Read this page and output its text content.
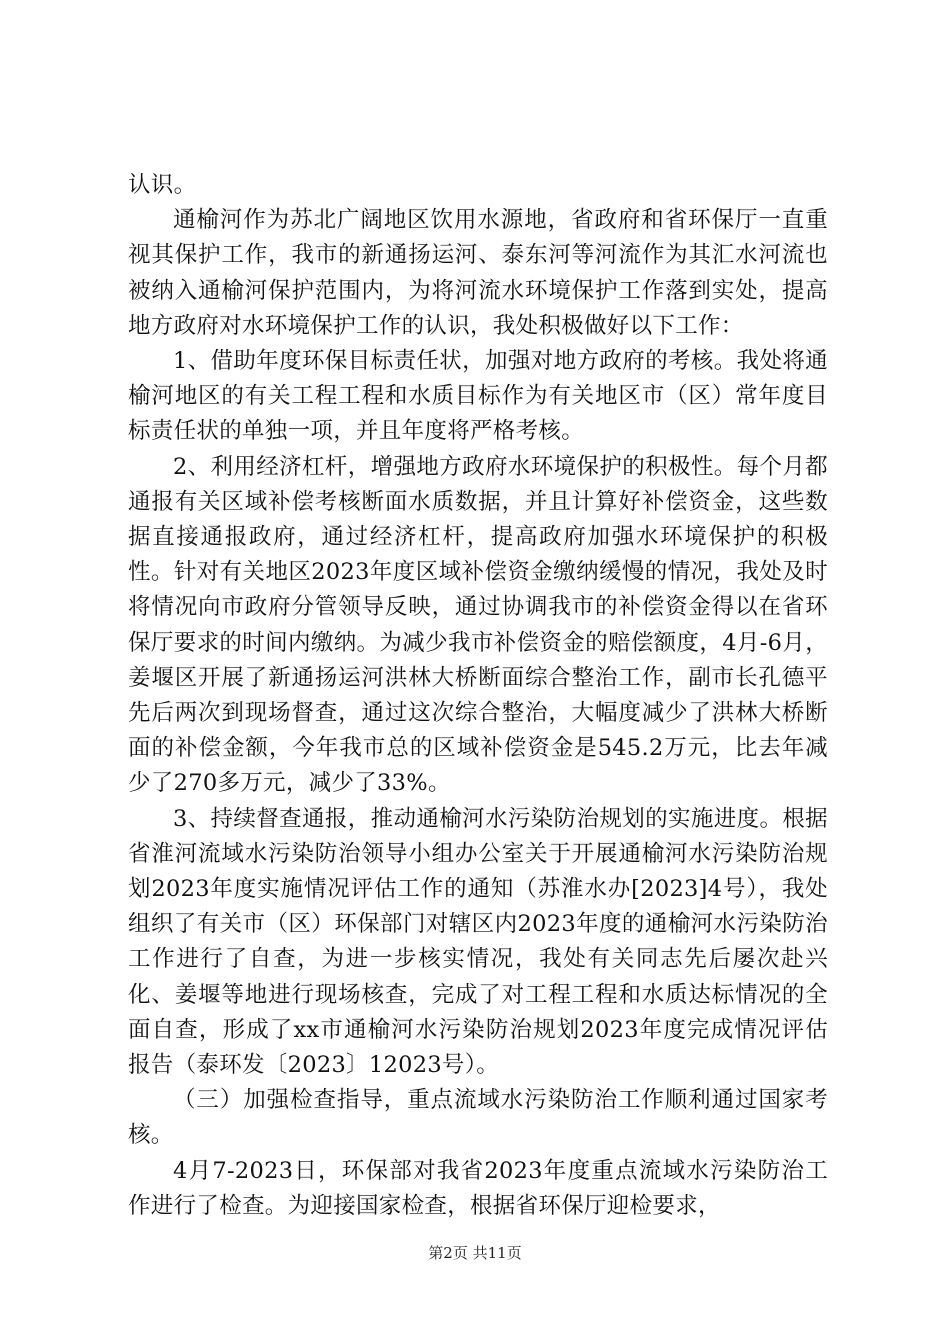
认识。

通榆河作为苏北广阔地区饮用水源地，省政府和省环保厅一直重视其保护工作，我市的新通扬运河、泰东河等河流作为其汇水河流也被纳入通榆河保护范围内，为将河流水环境保护工作落到实处，提高地方政府对水环境保护工作的认识，我处积极做好以下工作：

1、借助年度环保目标责任状，加强对地方政府的考核。我处将通榆河地区的有关工程工程和水质目标作为有关地区市（区）常年度目标责任状的单独一项，并且年度将严格考核。

2、利用经济杠杆，增强地方政府水环境保护的积极性。每个月都通报有关区域补偿考核断面水质数据，并且计算好补偿资金，这些数据直接通报政府，通过经济杠杆，提高政府加强水环境保护的积极性。针对有关地区2023年度区域补偿资金缴纳缓慢的情况，我处及时将情况向市政府分管领导反映，通过协调我市的补偿资金得以在省环保厅要求的时间内缴纳。为减少我市补偿资金的赔偿额度，4月-6月，姜堰区开展了新通扬运河洪林大桥断面综合整治工作，副市长孔德平先后两次到现场督查，通过这次综合整治，大幅度减少了洪林大桥断面的补偿金额，今年我市总的区域补偿资金是545.2万元，比去年减少了270多万元，减少了33%。

3、持续督查通报，推动通榆河水污染防治规划的实施进度。根据省淮河流域水污染防治领导小组办公室关于开展通榆河水污染防治规划2023年度实施情况评估工作的通知（苏淮水办[2023]4号），我处组织了有关市（区）环保部门对辖区内2023年度的通榆河水污染防治工作进行了自查，为进一步核实情况，我处有关同志先后屡次赴兴化、姜堰等地进行现场核查，完成了对工程工程和水质达标情况的全面自查，形成了xx市通榆河水污染防治规划2023年度完成情况评估报告（泰环发〔2023〕12023号）。

（三）加强检查指导，重点流域水污染防治工作顺利通过国家考核。

4月7-2023日，环保部对我省2023年度重点流域水污染防治工作进行了检查。为迎接国家检查，根据省环保厅迎检要求，

第2页 共11页
